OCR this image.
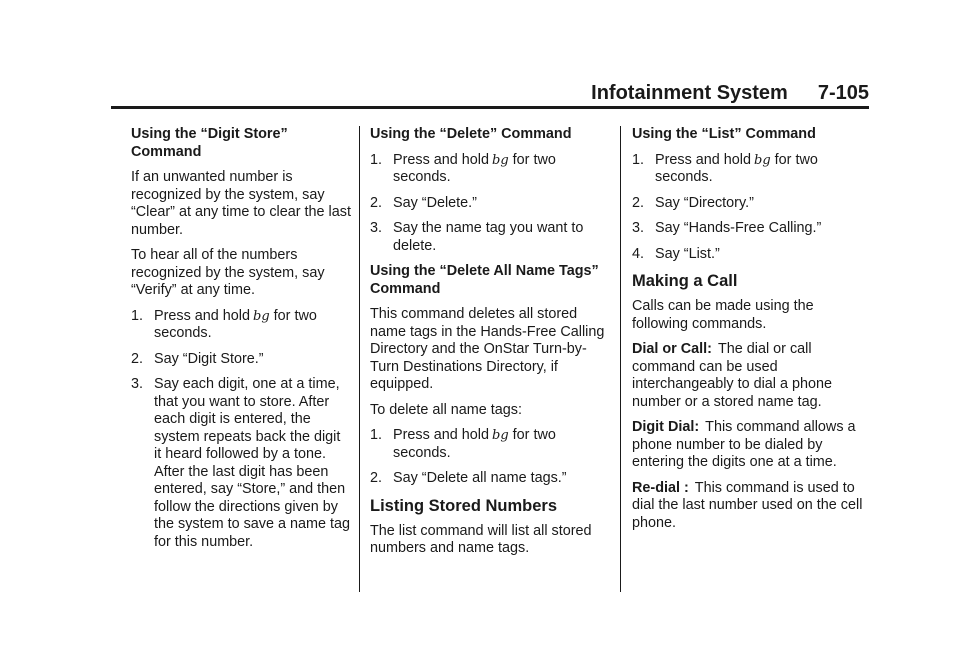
Infotainment System 7-105
Using the “Digit Store” Command
If an unwanted number is recognized by the system, say “Clear” at any time to clear the last number.
To hear all of the numbers recognized by the system, say “Verify” at any time.
1. Press and hold bg for two seconds.
2. Say “Digit Store.”
3. Say each digit, one at a time, that you want to store. After each digit is entered, the system repeats back the digit it heard followed by a tone. After the last digit has been entered, say “Store,” and then follow the directions given by the system to save a name tag for this number.
Using the “Delete” Command
1. Press and hold bg for two seconds.
2. Say “Delete.”
3. Say the name tag you want to delete.
Using the “Delete All Name Tags” Command
This command deletes all stored name tags in the Hands-Free Calling Directory and the OnStar Turn-by-Turn Destinations Directory, if equipped.
To delete all name tags:
1. Press and hold bg for two seconds.
2. Say “Delete all name tags.”
Listing Stored Numbers
The list command will list all stored numbers and name tags.
Using the “List” Command
1. Press and hold bg for two seconds.
2. Say “Directory.”
3. Say “Hands-Free Calling.”
4. Say “List.”
Making a Call
Calls can be made using the following commands.
Dial or Call: The dial or call command can be used interchangeably to dial a phone number or a stored name tag.
Digit Dial: This command allows a phone number to be dialed by entering the digits one at a time.
Re-dial : This command is used to dial the last number used on the cell phone.
